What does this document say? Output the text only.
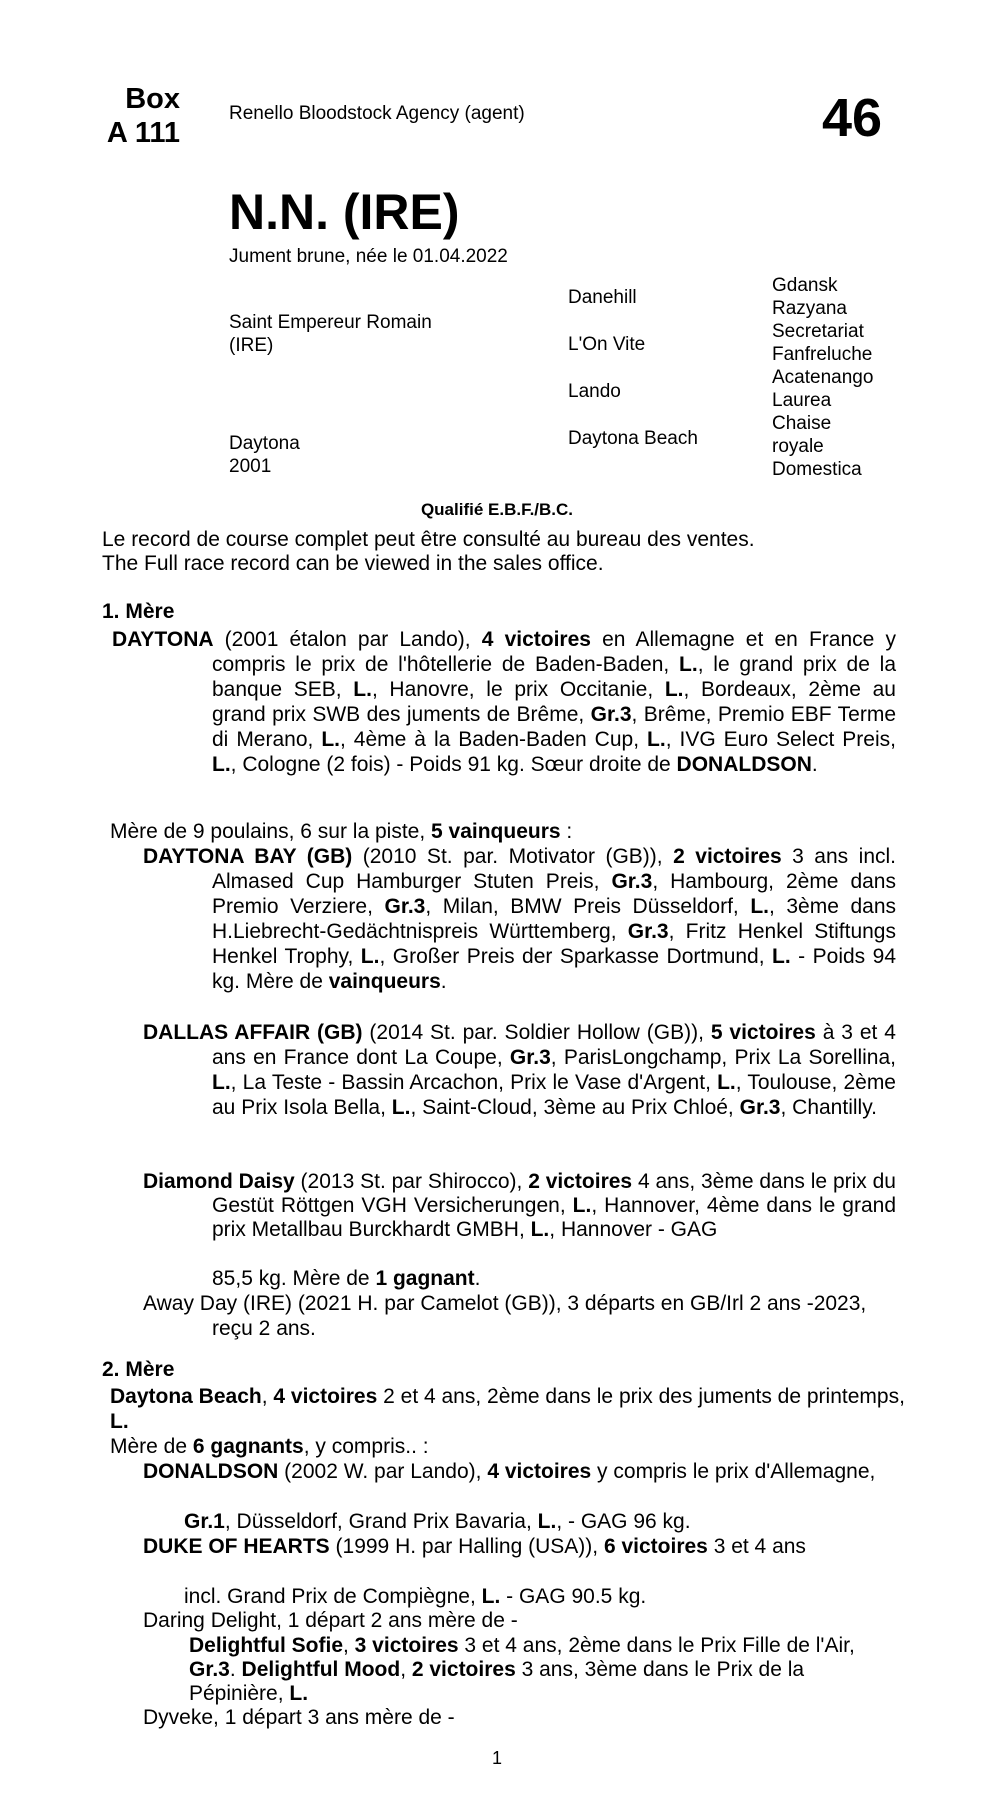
Box
A 111
Renello Bloodstock Agency (agent)	46
N.N. (IRE)
Jument brune, née le 01.04.2022
Saint Empereur Romain
(IRE)
Daytona
2001
Danehill
L'On Vite
Lando
Daytona Beach
Gdansk
Razyana
Secretariat
Fanfreluche
Acatenango
Laurea
Chaise
royale
Domestica
Qualifié E.B.F./B.C.
Le record de course complet peut être consulté au bureau des ventes.
The Full race record can be viewed in the sales office.
1. Mère
DAYTONA (2001 étalon par Lando), 4 victoires en Allemagne et en France y compris le prix de l'hôtellerie de Baden-Baden, L., le grand prix de la banque SEB, L., Hanovre, le prix Occitanie, L., Bordeaux, 2ème au grand prix SWB des juments de Brême, Gr.3, Brême, Premio EBF Terme di Merano, L., 4ème à la Baden-Baden Cup, L., IVG Euro Select Preis, L., Cologne (2 fois) - Poids 91 kg. Sœur droite de DONALDSON.
Mère de 9 poulains, 6 sur la piste, 5 vainqueurs :
DAYTONA BAY (GB) (2010 St. par. Motivator (GB)), 2 victoires 3 ans incl. Almased Cup Hamburger Stuten Preis, Gr.3, Hambourg, 2ème dans Premio Verziere, Gr.3, Milan, BMW Preis Düsseldorf, L., 3ème dans H.Liebrecht-Gedächtnispreis Württemberg, Gr.3, Fritz Henkel Stiftungs Henkel Trophy, L., Großer Preis der Sparkasse Dortmund, L. - Poids 94 kg. Mère de vainqueurs.
DALLAS AFFAIR (GB) (2014 St. par. Soldier Hollow (GB)), 5 victoires à 3 et 4 ans en France dont La Coupe, Gr.3, ParisLongchamp, Prix La Sorellina, L., La Teste - Bassin Arcachon, Prix le Vase d'Argent, L., Toulouse, 2ème au Prix Isola Bella, L., Saint-Cloud, 3ème au Prix Chloé, Gr.3, Chantilly.
Diamond Daisy (2013 St. par Shirocco), 2 victoires 4 ans, 3ème dans le prix du Gestüt Röttgen VGH Versicherungen, L., Hannover, 4ème dans le grand prix Metallbau Burckhardt GMBH, L., Hannover - GAG
85,5 kg. Mère de 1 gagnant.
Away Day (IRE) (2021 H. par Camelot (GB)), 3 départs en GB/Irl 2 ans -2023, reçu 2 ans.
2. Mère
Daytona Beach, 4 victoires 2 et 4 ans, 2ème dans le prix des juments de printemps, L.
Mère de 6 gagnants, y compris.. :
DONALDSON (2002 W. par Lando), 4 victoires y compris le prix d'Allemagne,
Gr.1, Düsseldorf, Grand Prix Bavaria, L., - GAG 96 kg.
DUKE OF HEARTS (1999 H. par Halling (USA)), 6 victoires 3 et 4 ans
incl. Grand Prix de Compiègne, L. - GAG 90.5 kg.
Daring Delight, 1 départ 2 ans mère de -
Delightful Sofie, 3 victoires 3 et 4 ans, 2ème dans le Prix Fille de l'Air, Gr.3. Delightful Mood, 2 victoires 3 ans, 3ème dans le Prix de la Pépinière, L.
Dyveke, 1 départ 3 ans mère de -
1
